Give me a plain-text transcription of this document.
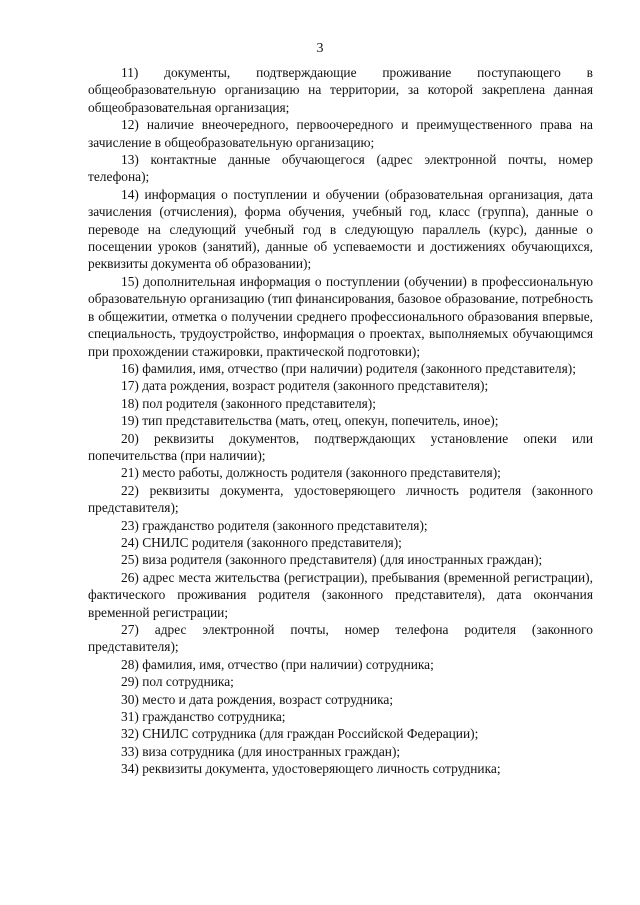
3

11) документы, подтверждающие проживание поступающего в общеобразовательную организацию на территории, за которой закреплена данная общеобразовательная организация;

12) наличие внеочередного, первоочередного и преимущественного права на зачисление в общеобразовательную организацию;

13) контактные данные обучающегося (адрес электронной почты, номер телефона);

14) информация о поступлении и обучении (образовательная организация, дата зачисления (отчисления), форма обучения, учебный год, класс (группа), данные о переводе на следующий учебный год в следующую параллель (курс), данные о посещении уроков (занятий), данные об успеваемости и достижениях обучающихся, реквизиты документа об образовании);

15) дополнительная информация о поступлении (обучении) в профессиональную образовательную организацию (тип финансирования, базовое образование, потребность в общежитии, отметка о получении среднего профессионального образования впервые, специальность, трудоустройство, информация о проектах, выполняемых обучающимся при прохождении стажировки, практической подготовки);

16) фамилия, имя, отчество (при наличии) родителя (законного представителя);

17) дата рождения, возраст родителя (законного представителя);

18) пол родителя (законного представителя);

19) тип представительства (мать, отец, опекун, попечитель, иное);

20) реквизиты документов, подтверждающих установление опеки или попечительства (при наличии);

21) место работы, должность родителя (законного представителя);

22) реквизиты документа, удостоверяющего личность родителя (законного представителя);

23) гражданство родителя (законного представителя);

24) СНИЛС родителя (законного представителя);

25) виза родителя (законного представителя) (для иностранных граждан);

26) адрес места жительства (регистрации), пребывания (временной регистрации), фактического проживания родителя (законного представителя), дата окончания временной регистрации;

27) адрес электронной почты, номер телефона родителя (законного представителя);

28) фамилия, имя, отчество (при наличии) сотрудника;

29) пол сотрудника;

30) место и дата рождения, возраст сотрудника;

31) гражданство сотрудника;

32) СНИЛС сотрудника (для граждан Российской Федерации);

33) виза сотрудника (для иностранных граждан);

34) реквизиты документа, удостоверяющего личность сотрудника;
